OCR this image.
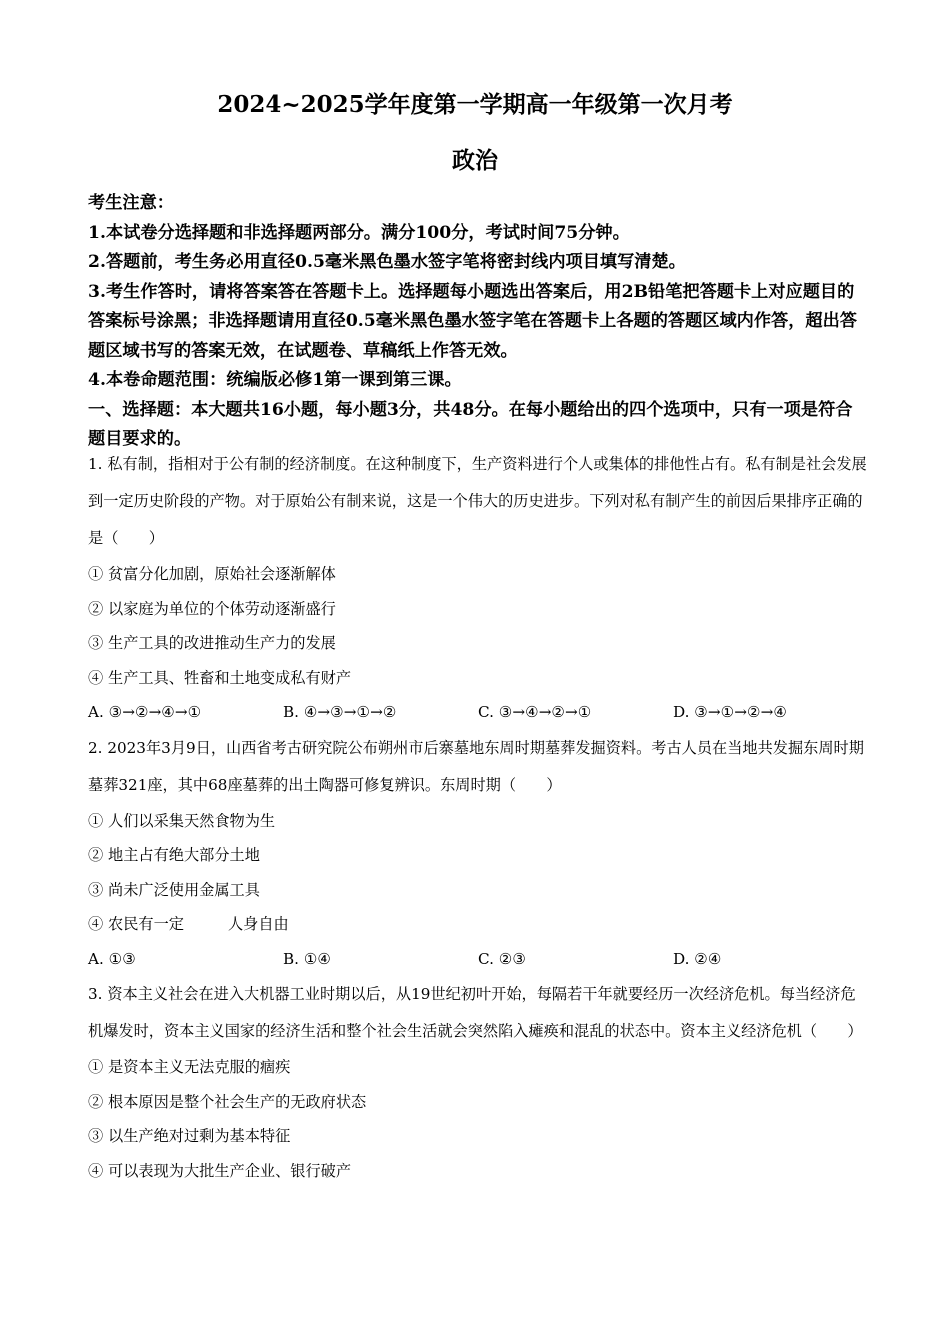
2024~2025学年度第一学期高一年级第一次月考
政治
考生注意：
1.本试卷分选择题和非选择题两部分。满分100分，考试时间75分钟。
2.答题前，考生务必用直径0.5毫米黑色墨水签字笔将密封线内项目填写清楚。
3.考生作答时，请将答案答在答题卡上。选择题每小题选出答案后，用2B铅笔把答题卡上对应题目的答案标号涂黑；非选择题请用直径0.5毫米黑色墨水签字笔在答题卡上各题的答题区域内作答，超出答题区域书写的答案无效，在试题卷、草稿纸上作答无效。
4.本卷命题范围：统编版必修1第一课到第三课。
一、选择题：本大题共16小题，每小题3分，共48分。在每小题给出的四个选项中，只有一项是符合题目要求的。
1. 私有制，指相对于公有制的经济制度。在这种制度下，生产资料进行个人或集体的排他性占有。私有制是社会发展到一定历史阶段的产物。对于原始公有制来说，这是一个伟大的历史进步。下列对私有制产生的前因后果排序正确的是（　　）
① 贫富分化加剧，原始社会逐渐解体
② 以家庭为单位的个体劳动逐渐盛行
③ 生产工具的改进推动生产力的发展
④ 生产工具、牲畜和土地变成私有财产
A. ③→②→④→①	B. ④→③→①→②	C. ③→④→②→①	D. ③→①→②→④
2. 2023年3月9日，山西省考古研究院公布朔州市后寨墓地东周时期墓葬发掘资料。考古人员在当地共发掘东周时期墓葬321座，其中68座墓葬的出土陶器可修复辨识。东周时期（　　）
① 人们以采集天然食物为生
② 地主占有绝大部分土地
③ 尚未广泛使用金属工具
④ 农民有一定	人身自由
A. ①③	B. ①④	C. ②③	D. ②④
3. 资本主义社会在进入大机器工业时期以后，从19世纪初叶开始，每隔若干年就要经历一次经济危机。每当经济危机爆发时，资本主义国家的经济生活和整个社会生活就会突然陷入瘫痪和混乱的状态中。资本主义经济危机（　　）
① 是资本主义无法克服的痼疾
② 根本原因是整个社会生产的无政府状态
③ 以生产绝对过剩为基本特征
④ 可以表现为大批生产企业、银行破产
